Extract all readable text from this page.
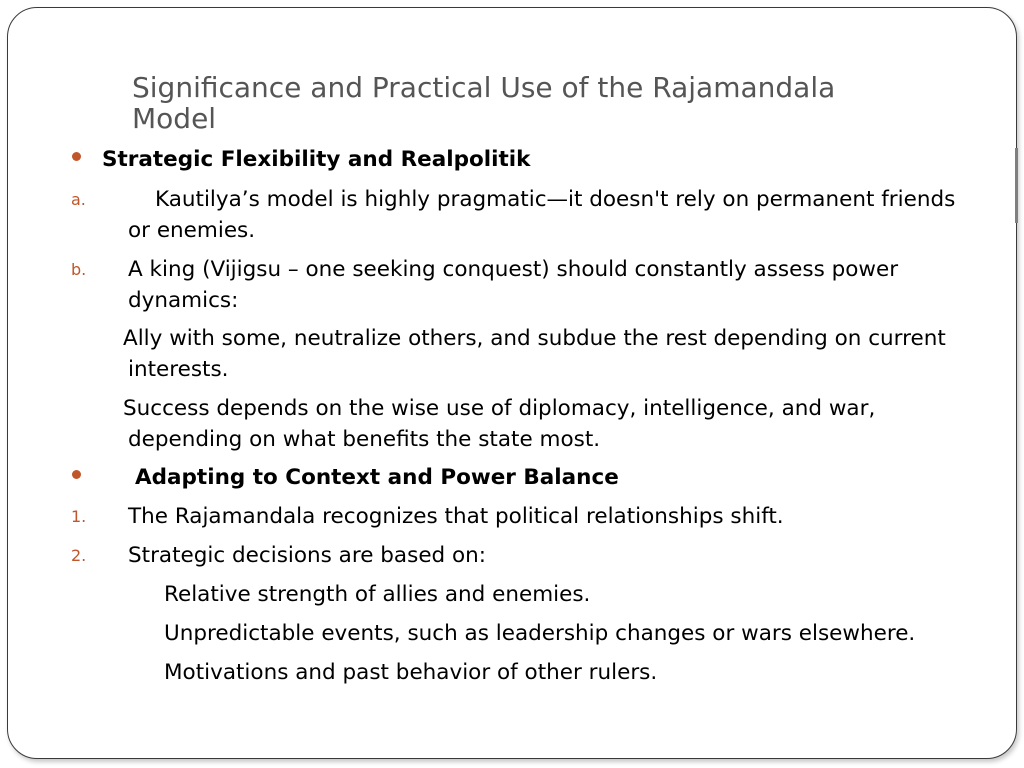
Significance and Practical Use of the Rajamandala Model
Strategic Flexibility and Realpolitik
a.	Kautilya’s model is highly pragmatic—it doesn't rely on permanent friends or enemies.
b. A king (Vijigsu – one seeking conquest) should constantly assess power dynamics:
Ally with some, neutralize others, and subdue the rest depending on current interests.
Success depends on the wise use of diplomacy, intelligence, and war, depending on what benefits the state most.
Adapting to Context and Power Balance
1. The Rajamandala recognizes that political relationships shift.
2. Strategic decisions are based on:
Relative strength of allies and enemies.
Unpredictable events, such as leadership changes or wars elsewhere.
Motivations and past behavior of other rulers.
